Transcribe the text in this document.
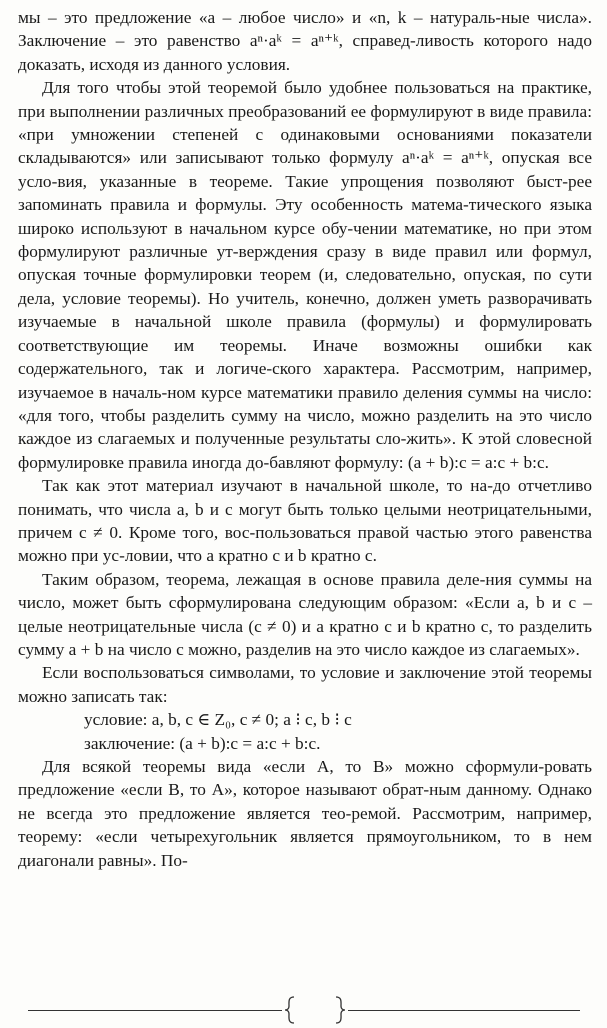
мы – это предложение «a – любое число» и «n, k – натураль-ные числа». Заключение – это равенство aⁿ·aᵏ = aⁿ⁺ᵏ, справед-ливость которого надо доказать, исходя из данного условия.

Для того чтобы этой теоремой было удобнее пользоваться на практике, при выполнении различных преобразований ее формулируют в виде правила: «при умножении степеней с одинаковыми основаниями показатели складываются» или записывают только формулу aⁿ·aᵏ = aⁿ⁺ᵏ, опуская все усло-вия, указанные в теореме. Такие упрощения позволяют быст-рее запоминать правила и формулы. Эту особенность матема-тического языка широко используют в начальном курсе обу-чении математике, но при этом формулируют различные ут-верждения сразу в виде правил или формул, опуская точные формулировки теорем (и, следовательно, опуская, по сути дела, условие теоремы). Но учитель, конечно, должен уметь разворачивать изучаемые в начальной школе правила (формулы) и формулировать соответствующие им теоремы. Иначе возможны ошибки как содержательного, так и логиче-ского характера. Рассмотрим, например, изучаемое в началь-ном курсе математики правило деления суммы на число: «для того, чтобы разделить сумму на число, можно разделить на это число каждое из слагаемых и полученные результаты сло-жить». К этой словесной формулировке правила иногда до-бавляют формулу: (a + b):c = a:c + b:c.

Так как этот материал изучают в начальной школе, то на-до отчетливо понимать, что числа a, b и c могут быть только целыми неотрицательными, причем c ≠ 0. Кроме того, вос-пользоваться правой частью этого равенства можно при ус-ловии, что a кратно c и b кратно c.

Таким образом, теорема, лежащая в основе правила деле-ния суммы на число, может быть сформулирована следующим образом: «Если a, b и c – целые неотрицательные числа (c ≠ 0) и a кратно c и b кратно c, то разделить сумму a + b на число c можно, разделив на это число каждое из слагаемых».

Если воспользоваться символами, то условие и заключение этой теоремы можно записать так:

условие: a, b, c ∈ Z₀, c ≠ 0; a ⁝ c, b ⁝ c

заключение: (a + b):c = a:c + b:c.

Для всякой теоремы вида «если A, то B» можно сформули-ровать предложение «если B, то A», которое называют обрат-ным данному. Однако не всегда это предложение является тео-ремой. Рассмотрим, например, теорему: «если четырехугольник является прямоугольником, то в нем диагонали равны». По-
